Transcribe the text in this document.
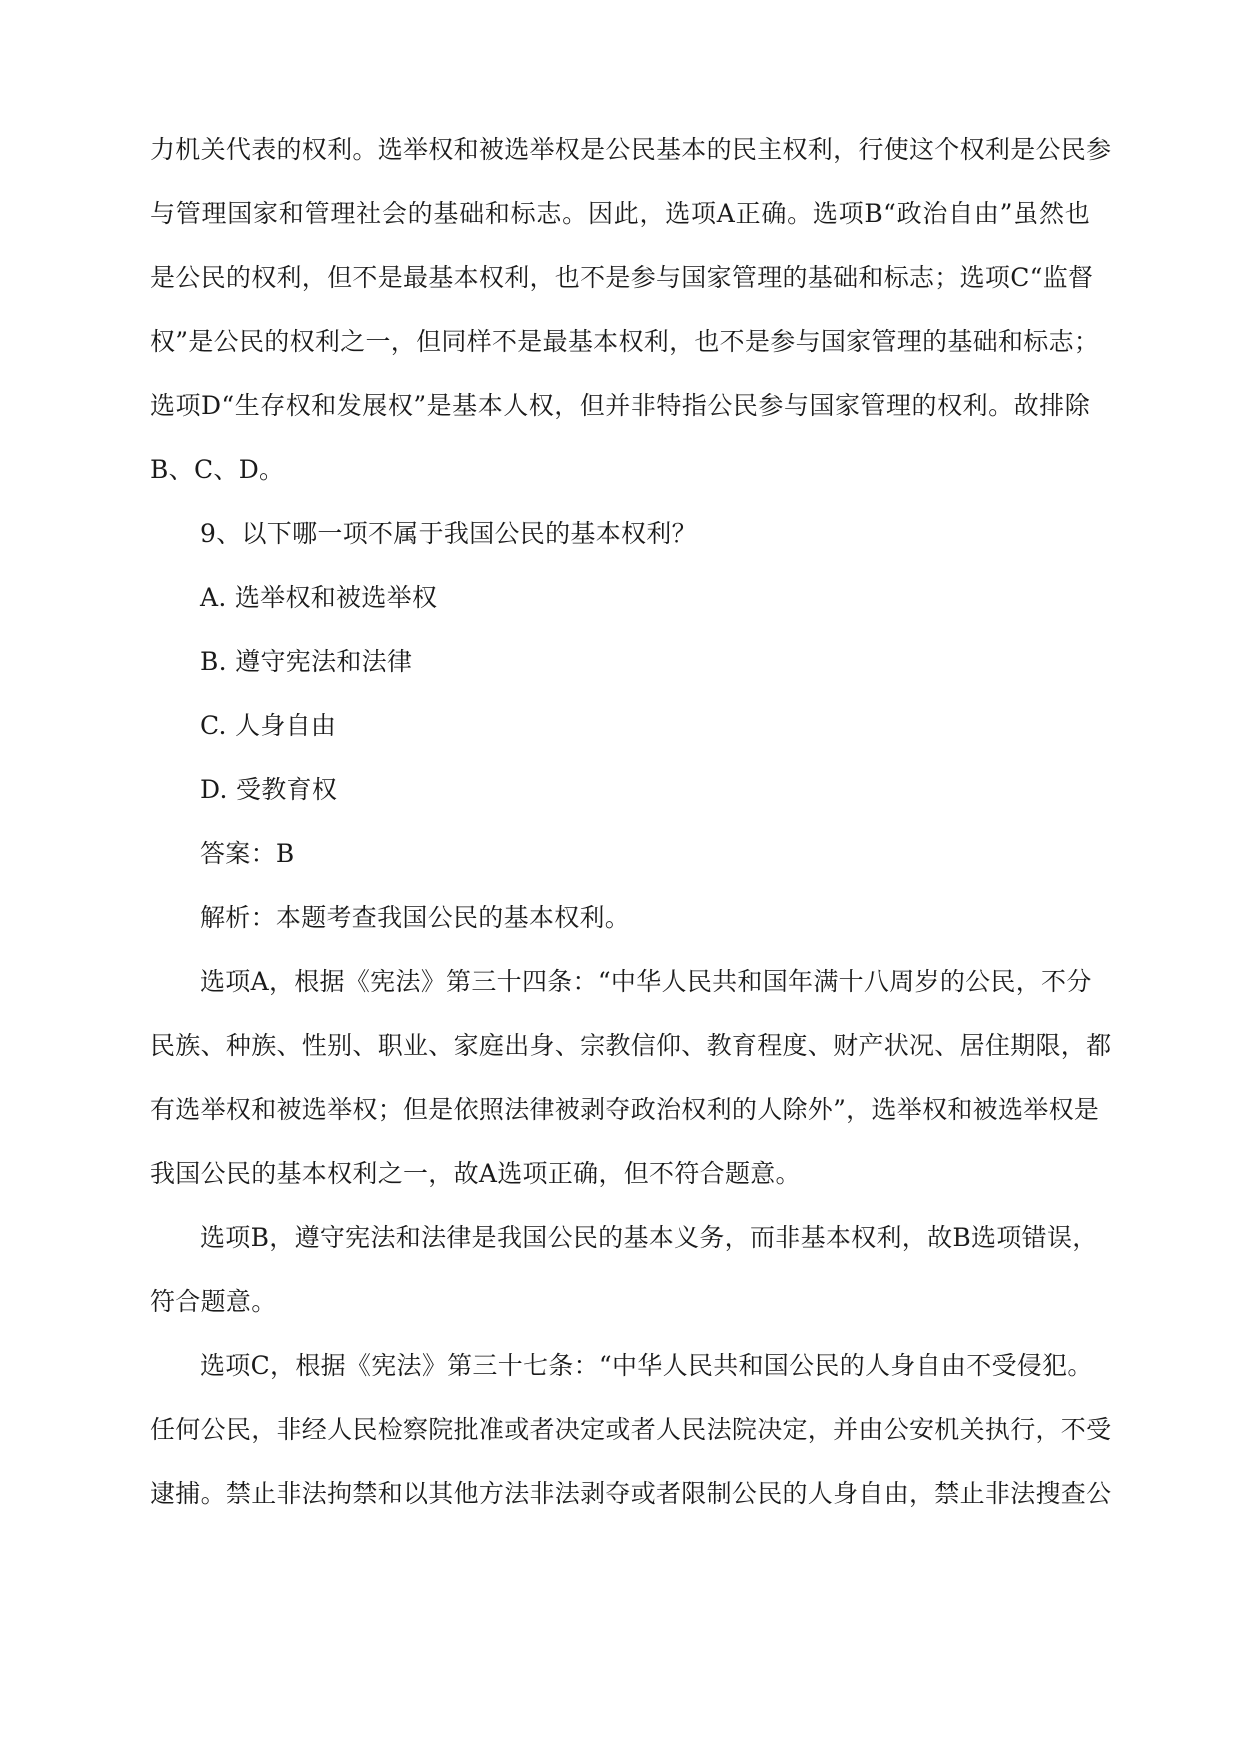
力机关代表的权利。选举权和被选举权是公民基本的民主权利，行使这个权利是公民参
与管理国家和管理社会的基础和标志。因此，选项A正确。选项B“政治自由”虽然也
是公民的权利，但不是最基本权利，也不是参与国家管理的基础和标志；选项C“监督
权”是公民的权利之一，但同样不是最基本权利，也不是参与国家管理的基础和标志；
选项D“生存权和发展权”是基本人权，但并非特指公民参与国家管理的权利。故排除
B、C、D。
9、以下哪一项不属于我国公民的基本权利？
A. 选举权和被选举权
B. 遵守宪法和法律
C. 人身自由
D. 受教育权
答案：B
解析：本题考查我国公民的基本权利。
选项A，根据《宪法》第三十四条：“中华人民共和国年满十八周岁的公民，不分
民族、种族、性别、职业、家庭出身、宗教信仰、教育程度、财产状况、居住期限，都
有选举权和被选举权；但是依照法律被剥夺政治权利的人除外”，选举权和被选举权是
我国公民的基本权利之一，故A选项正确，但不符合题意。
选项B，遵守宪法和法律是我国公民的基本义务，而非基本权利，故B选项错误，
符合题意。
选项C，根据《宪法》第三十七条：“中华人民共和国公民的人身自由不受侵犯。
任何公民，非经人民检察院批准或者决定或者人民法院决定，并由公安机关执行，不受
逮捕。禁止非法拘禁和以其他方法非法剥夺或者限制公民的人身自由，禁止非法搜查公
